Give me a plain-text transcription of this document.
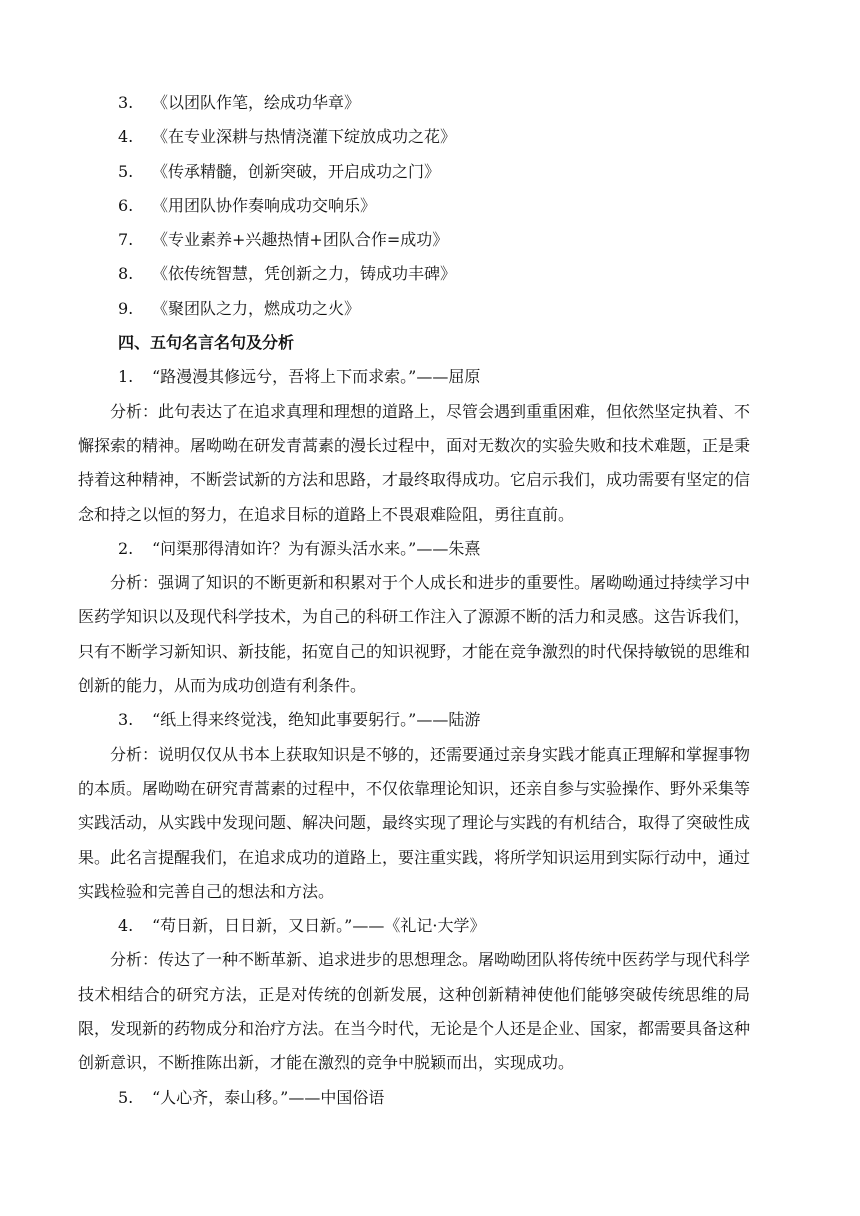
3. 《以团队作笔，绘成功华章》
4. 《在专业深耕与热情浇灌下绽放成功之花》
5. 《传承精髓，创新突破，开启成功之门》
6. 《用团队协作奏响成功交响乐》
7. 《专业素养+兴趣热情+团队合作=成功》
8. 《依传统智慧，凭创新之力，铸成功丰碑》
9. 《聚团队之力，燃成功之火》
四、五句名言名句及分析
1. “路漫漫其修远兮，吾将上下而求索。”——屈原
分析：此句表达了在追求真理和理想的道路上，尽管会遇到重重困难，但依然坚定执着、不懈探索的精神。屠呦呦在研发青蒿素的漫长过程中，面对无数次的实验失败和技术难题，正是秉持着这种精神，不断尝试新的方法和思路，才最终取得成功。它启示我们，成功需要有坚定的信念和持之以恒的努力，在追求目标的道路上不畏艰难险阻，勇往直前。
2. “问渠那得清如许？为有源头活水来。”——朱熹
分析：强调了知识的不断更新和积累对于个人成长和进步的重要性。屠呦呦通过持续学习中医药学知识以及现代科学技术，为自己的科研工作注入了源源不断的活力和灵感。这告诉我们，只有不断学习新知识、新技能，拓宽自己的知识视野，才能在竞争激烈的时代保持敏锐的思维和创新的能力，从而为成功创造有利条件。
3. “纸上得来终觉浅，绝知此事要躬行。”——陆游
分析：说明仅仅从书本上获取知识是不够的，还需要通过亲身实践才能真正理解和掌握事物的本质。屠呦呦在研究青蒿素的过程中，不仅依靠理论知识，还亲自参与实验操作、野外采集等实践活动，从实践中发现问题、解决问题，最终实现了理论与实践的有机结合，取得了突破性成果。此名言提醒我们，在追求成功的道路上，要注重实践，将所学知识运用到实际行动中，通过实践检验和完善自己的想法和方法。
4. “苟日新，日日新，又日新。”——《礼记·大学》
分析：传达了一种不断革新、追求进步的思想理念。屠呦呦团队将传统中医药学与现代科学技术相结合的研究方法，正是对传统的创新发展，这种创新精神使他们能够突破传统思维的局限，发现新的药物成分和治疗方法。在当今时代，无论是个人还是企业、国家，都需要具备这种创新意识，不断推陈出新，才能在激烈的竞争中脱颖而出，实现成功。
5. “人心齐，泰山移。”——中国俗语
